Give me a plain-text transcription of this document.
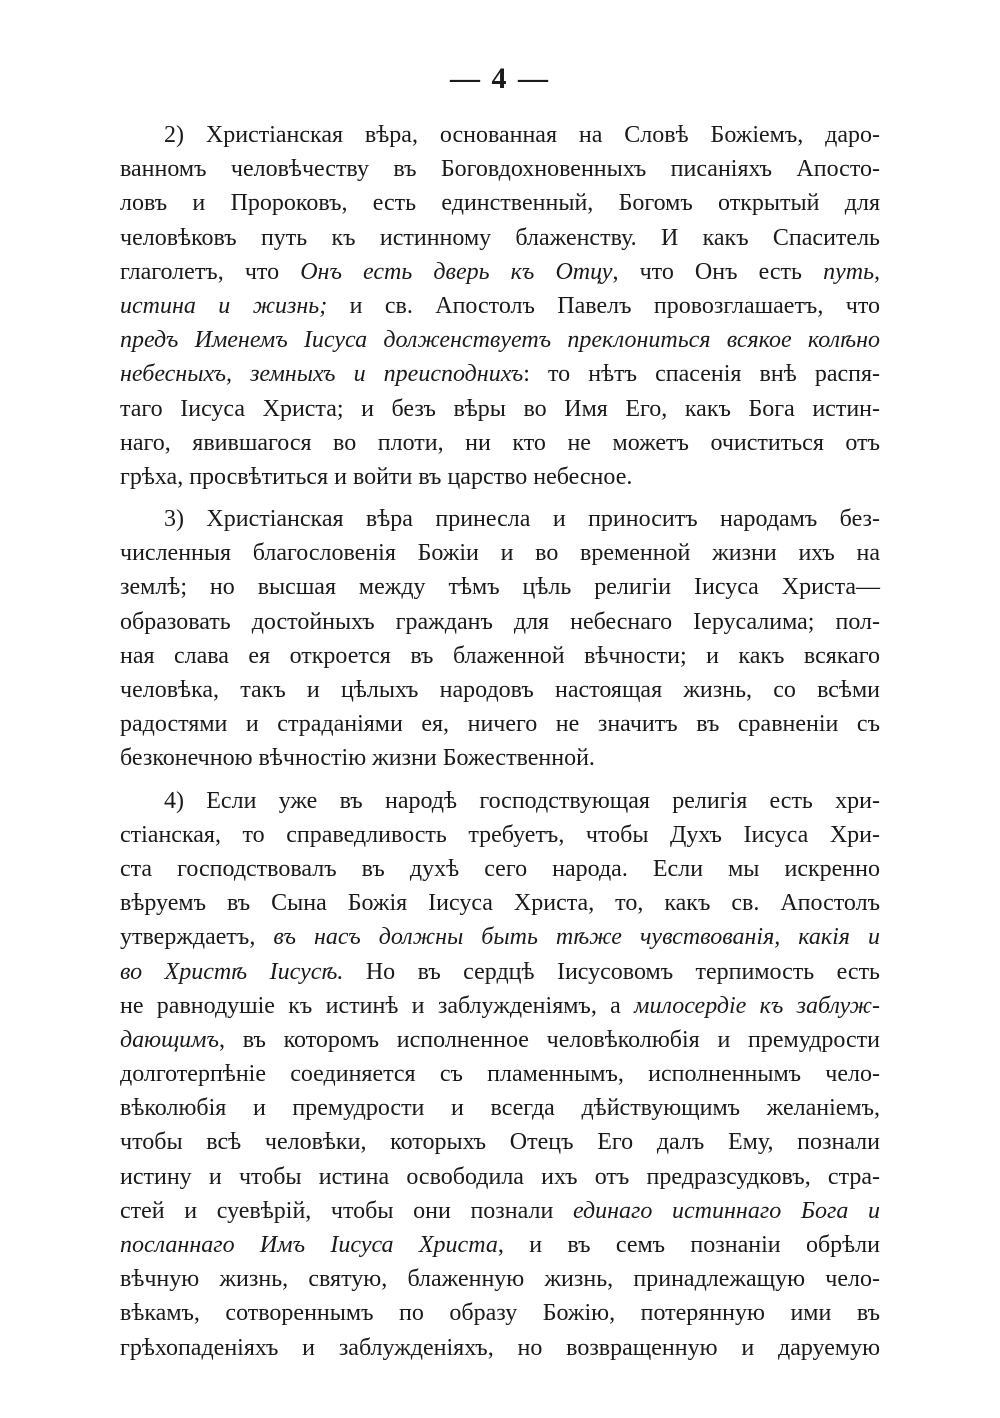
— 4 —
2) Христіанская вѣра, основанная на Словѣ Божіемъ, даро-
ванномъ человѣчеству въ Боговдохновенныхъ писаніяхъ Апосто-
ловъ и Пророковъ, есть единственный, Богомъ открытый для
человѣковъ путь къ истинному блаженству. И какъ Спаситель
глаголетъ, что Онъ есть дверь къ Отцу, что Онъ есть путь,
истина и жизнь; и св. Апостолъ Павелъ провозглашаетъ, что
предъ Именемъ Іисуса долженствуетъ преклониться всякое колѣно
небесныхъ, земныхъ и преисподнихъ: то нѣтъ спасенія внѣ распя-
таго Іисуса Христа; и безъ вѣры во Имя Его, какъ Бога истин-
наго, явившагося во плоти, ни кто не можетъ очиститься отъ
грѣха, просвѣтиться и войти въ царство небесное.
3) Христіанская вѣра принесла и приноситъ народамъ без-
численныя благословенія Божіи и во временной жизни ихъ на
землѣ; но высшая между тѣмъ цѣль религіи Іисуса Христа—
образовать достойныхъ гражданъ для небеснаго Іерусалима; пол-
ная слава ея откроется въ блаженной вѣчности; и какъ всякаго
человѣка, такъ и цѣлыхъ народовъ настоящая жизнь, со всѣми
радостями и страданіями ея, ничего не значитъ въ сравненіи съ
безконечною вѣчностію жизни Божественной.
4) Если уже въ народѣ господствующая религія есть хри-
стіанская, то справедливость требуетъ, чтобы Духъ Іисуса Хри-
ста господствовалъ въ духѣ сего народа. Если мы искренно
вѣруемъ въ Сына Божія Іисуса Христа, то, какъ св. Апостолъ
утверждаетъ, въ насъ должны быть тѣже чувствованія, какія и
во Христѣ Іисусѣ. Но въ сердцѣ Іисусовомъ терпимость есть
не равнодушіе къ истинѣ и заблужденіямъ, а милосердіе къ заблуж-
дающимъ, въ которомъ исполненное человѣколюбія и премудрости
долготерпѣніе соединяется съ пламеннымъ, исполненнымъ чело-
вѣколюбія и премудрости и всегда дѣйствующимъ желаніемъ,
чтобы всѣ человѣки, которыхъ Отецъ Его далъ Ему, познали
истину и чтобы истина освободила ихъ отъ предразсудковъ, стра-
стей и суевѣрій, чтобы они познали единаго истиннаго Бога и
посланнаго Имъ Іисуса Христа, и въ семъ познаніи обрѣли
вѣчную жизнь, святую, блаженную жизнь, принадлежащую чело-
вѣкамъ, сотвореннымъ по образу Божію, потерянную ими въ
грѣхопаденіяхъ и заблужденіяхъ, но возвращенную и даруемую
